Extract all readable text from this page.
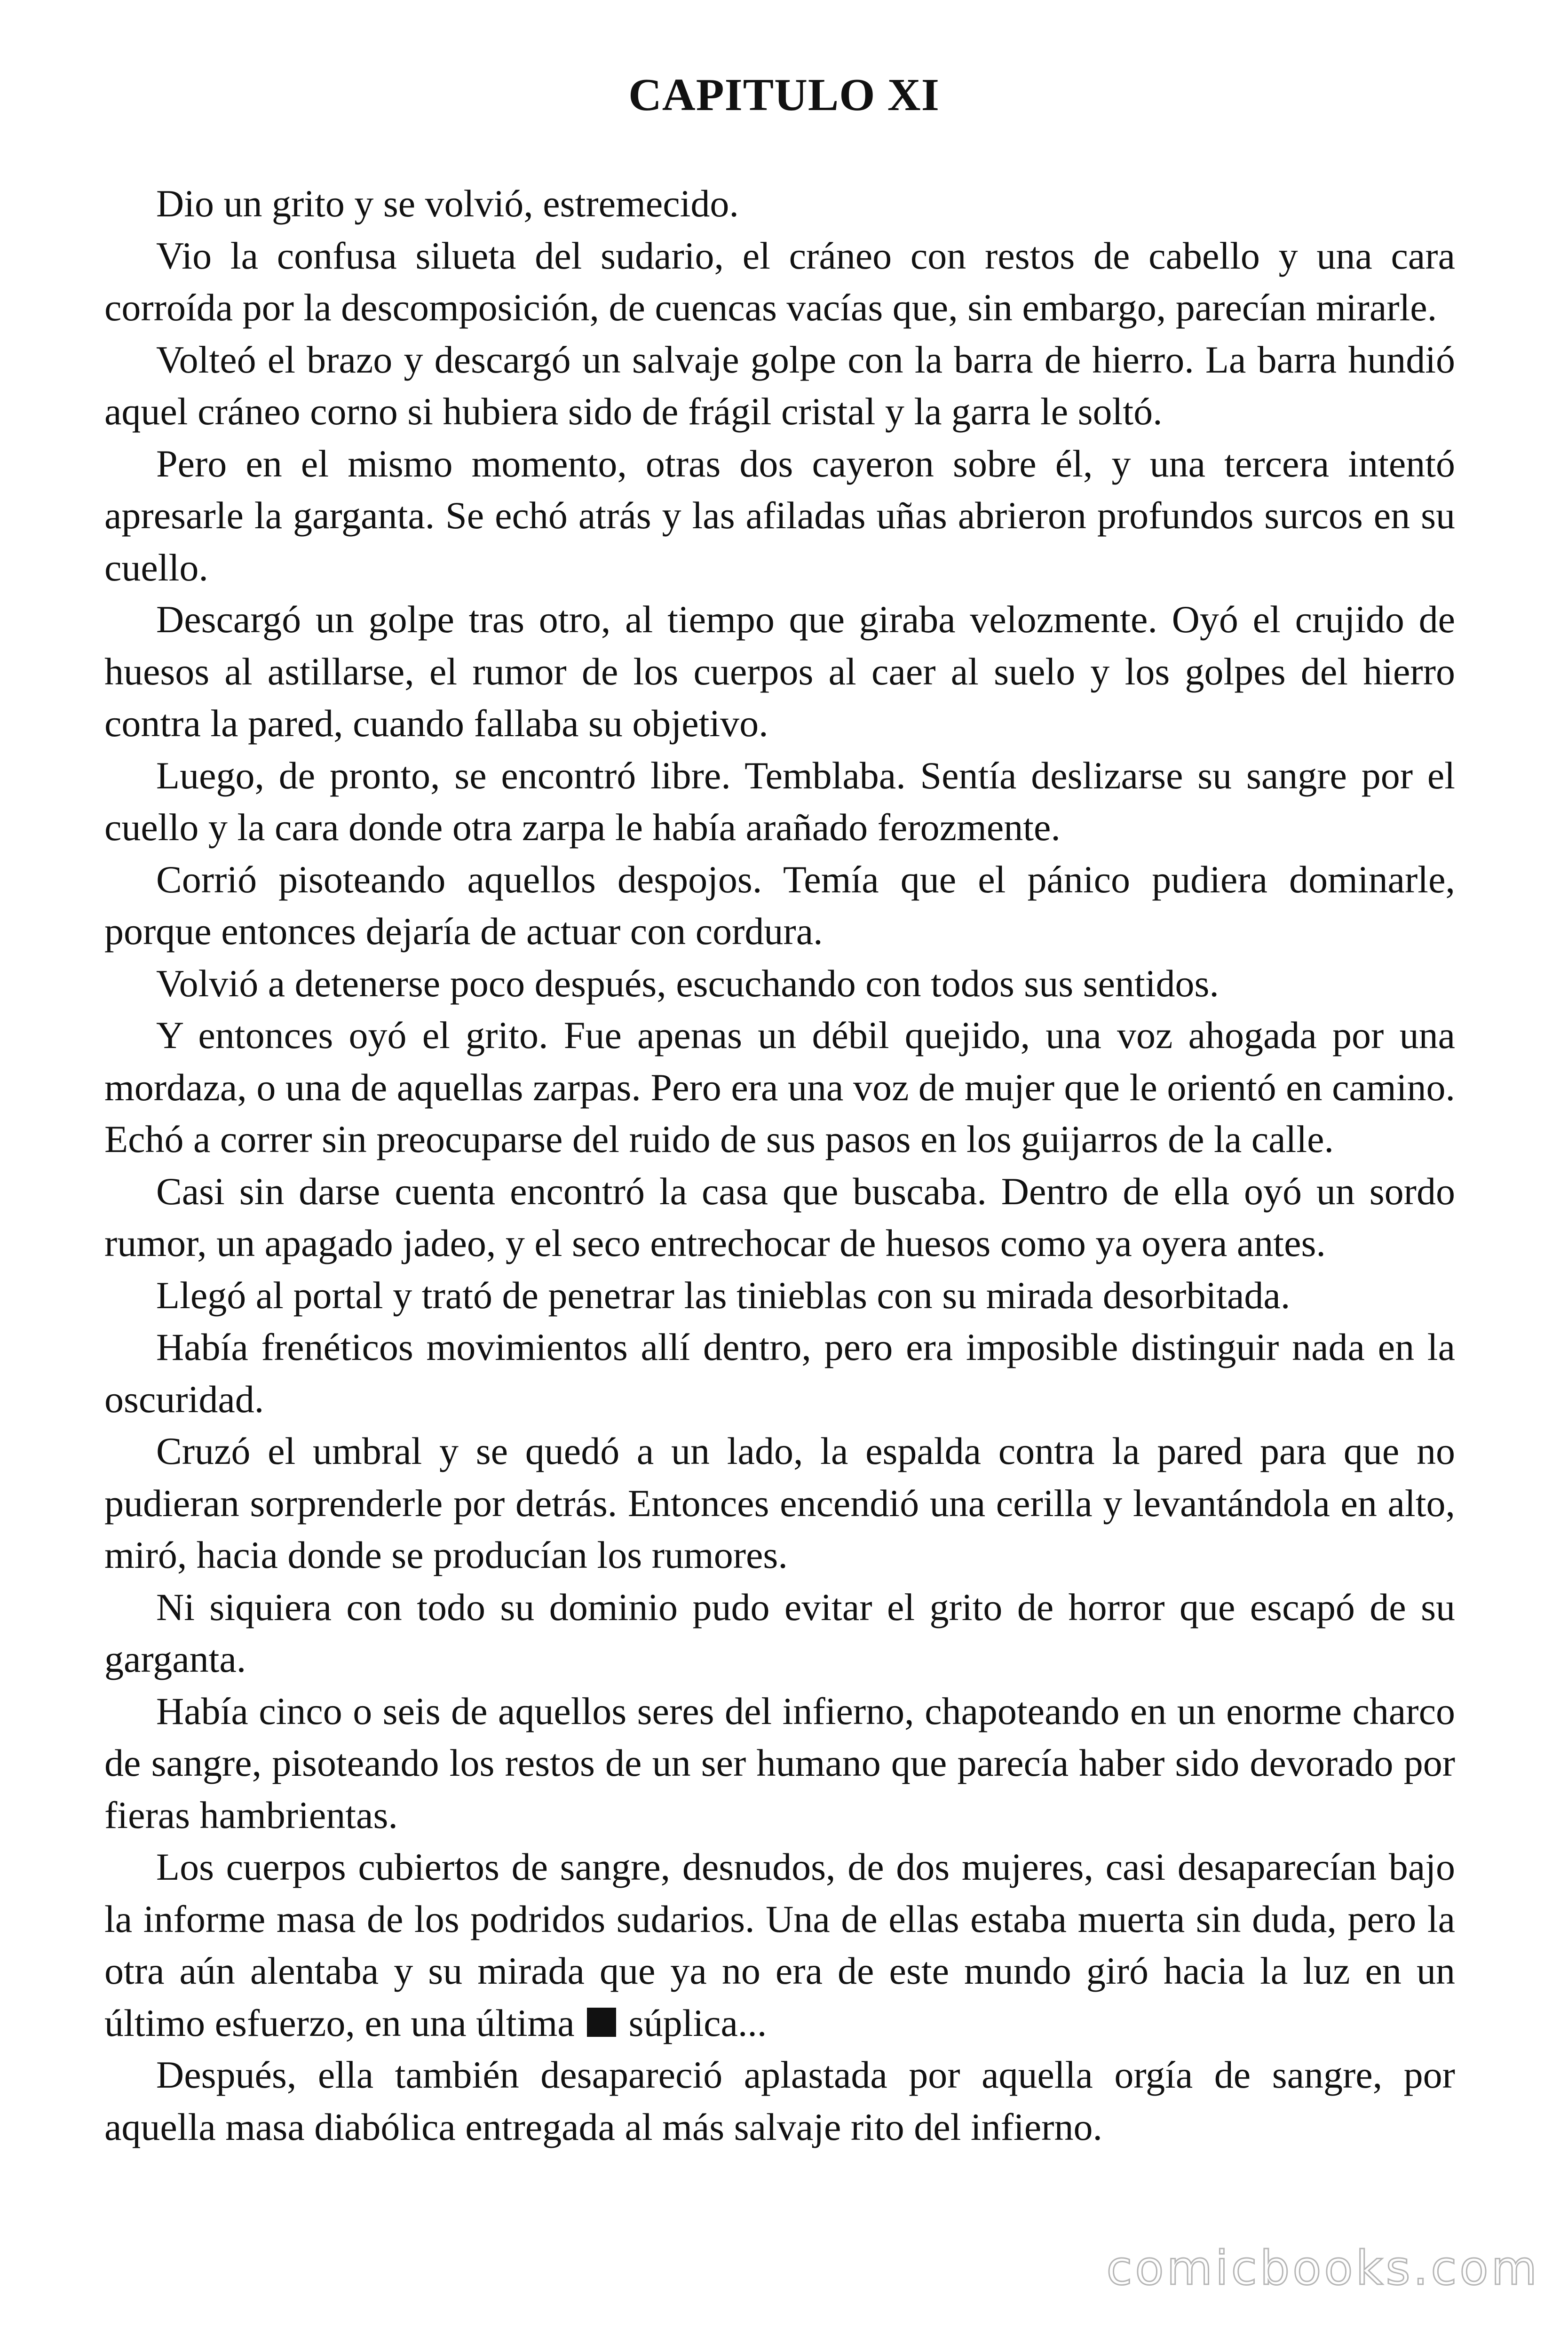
CAPITULO XI

Dio un grito y se volvió, estremecido.

Vio la confusa silueta del sudario, el cráneo con restos de cabello y una cara corroída por la descomposición, de cuencas vacías que, sin embargo, parecían mirarle.

Volteó el brazo y descargó un salvaje golpe con la barra de hierro. La barra hundió aquel cráneo corno si hubiera sido de frágil cristal y la garra le soltó.

Pero en el mismo momento, otras dos cayeron sobre él, y una tercera intentó apresarle la garganta. Se echó atrás y las afiladas uñas abrieron profundos surcos en su cuello.

Descargó un golpe tras otro, al tiempo que giraba velozmente. Oyó el crujido de huesos al astillarse, el rumor de los cuerpos al caer al suelo y los golpes del hierro contra la pared, cuando fallaba su objetivo.

Luego, de pronto, se encontró libre. Temblaba. Sentía deslizarse su sangre por el cuello y la cara donde otra zarpa le había arañado ferozmente.

Corrió pisoteando aquellos despojos. Temía que el pánico pudiera dominarle, porque entonces dejaría de actuar con cordura.

Volvió a detenerse poco después, escuchando con todos sus sentidos.

Y entonces oyó el grito. Fue apenas un débil quejido, una voz ahogada por una mordaza, o una de aquellas zarpas. Pero era una voz de mujer que le orientó en camino. Echó a correr sin preocuparse del ruido de sus pasos en los guijarros de la calle.

Casi sin darse cuenta encontró la casa que buscaba. Dentro de ella oyó un sordo rumor, un apagado jadeo, y el seco entrechocar de huesos como ya oyera antes.

Llegó al portal y trató de penetrar las tinieblas con su mirada desorbitada.

Había frenéticos movimientos allí dentro, pero era imposible distinguir nada en la oscuridad.

Cruzó el umbral y se quedó a un lado, la espalda contra la pared para que no pudieran sorprenderle por detrás. Entonces encendió una cerilla y levantándola en alto, miró, hacia donde se producían los rumores.

Ni siquiera con todo su dominio pudo evitar el grito de horror que escapó de su garganta.

Había cinco o seis de aquellos seres del infierno, chapoteando en un enorme charco de sangre, pisoteando los restos de un ser humano que parecía haber sido devorado por fieras hambrientas.

Los cuerpos cubiertos de sangre, desnudos, de dos mujeres, casi desaparecían bajo la informe masa de los podridos sudarios. Una de ellas estaba muerta sin duda, pero la otra aún alentaba y su mirada que ya no era de este mundo giró hacia la luz en un último esfuerzo, en una última súplica...

Después, ella también desapareció aplastada por aquella orgía de sangre, por aquella masa diabólica entregada al más salvaje rito del infierno.

comicbooks.com
